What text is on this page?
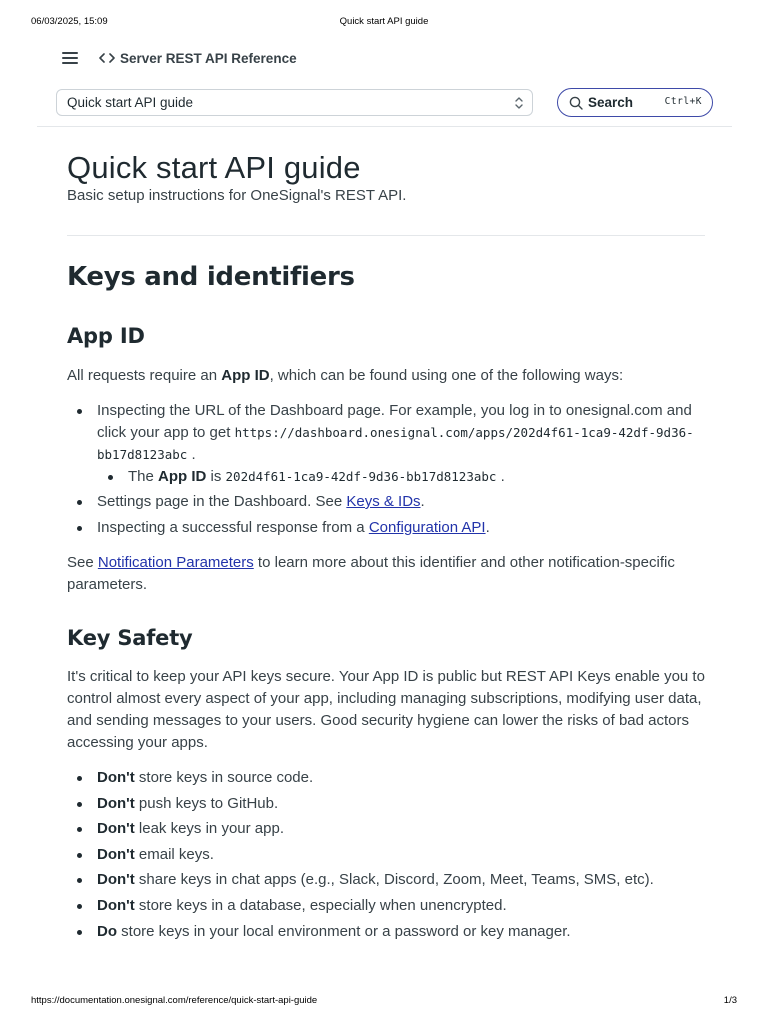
06/03/2025, 15:09	Quick start API guide
Server REST API Reference
Quick start API guide	Search	Ctrl+K
Quick start API guide
Basic setup instructions for OneSignal's REST API.
Keys and identifiers
App ID

All requests require an App ID, which can be found using one of the following ways:

Inspecting the URL of the Dashboard page. For example, you log in to onesignal.com and click your app to get https://dashboard.onesignal.com/apps/202d4f61-1ca9-42df-9d36-bb17d8123abc .
The App ID is 202d4f61-1ca9-42df-9d36-bb17d8123abc .
Settings page in the Dashboard. See Keys & IDs.
Inspecting a successful response from a Configuration API.

See Notification Parameters to learn more about this identifier and other notification-specific parameters.

Key Safety

It's critical to keep your API keys secure. Your App ID is public but REST API Keys enable you to control almost every aspect of your app, including managing subscriptions, modifying user data, and sending messages to your users. Good security hygiene can lower the risks of bad actors accessing your apps.

Don't store keys in source code.
Don't push keys to GitHub.
Don't leak keys in your app.
Don't email keys.
Don't share keys in chat apps (e.g., Slack, Discord, Zoom, Meet, Teams, SMS, etc).
Don't store keys in a database, especially when unencrypted.
Do store keys in your local environment or a password or key manager.
https://documentation.onesignal.com/reference/quick-start-api-guide	1/3
